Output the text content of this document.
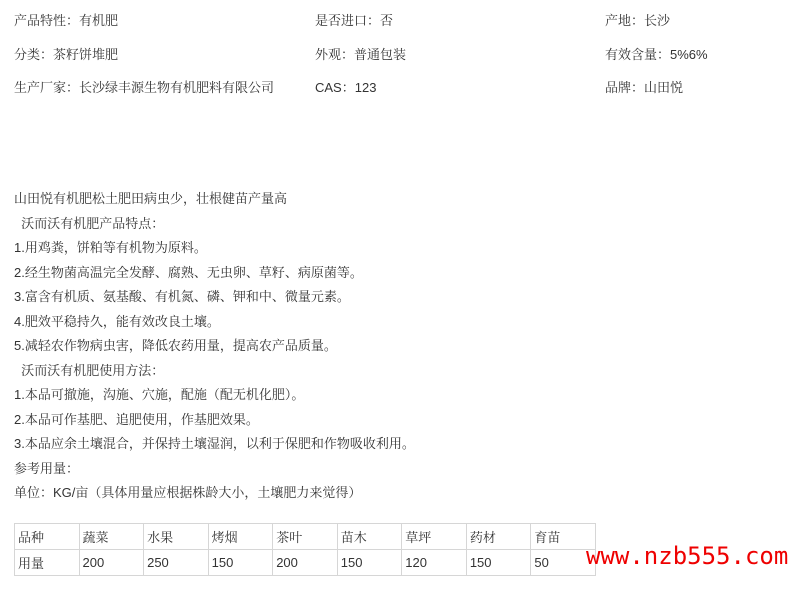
产品特性：有机肥	是否进口：否	产地：长沙
分类：茶籽饼堆肥	外观：普通包装	有效含量：5%6%
生产厂家：长沙绿丰源生物有机肥料有限公司	CAS：123	品牌：山田悦

山田悦有机肥松土肥田病虫少，壮根健苗产量高

沃而沃有机肥产品特点：

1.用鸡粪，饼粕等有机物为原料。

2.经生物菌高温完全发酵、腐熟、无虫卵、草籽、病原菌等。

3.富含有机质、氨基酸、有机氮、磷、钾和中、微量元素。

4.肥效平稳持久，能有效改良土壤。

5.减轻农作物病虫害，降低农药用量，提高农产品质量。

沃而沃有机肥使用方法：

1.本品可撤施，沟施、穴施，配施（配无机化肥）。

2.本品可作基肥、追肥使用，作基肥效果。

3.本品应余土壤混合，并保持土壤湿润，以利于保肥和作物吸收利用。

参考用量：

单位：KG/亩（具体用量应根据株龄大小，土壤肥力来觉得）

品种	蔬菜	水果	烤烟	茶叶	苗木	草坪	药材	育苗
用量	200	250	150	200	150	120	150	50 www.nzb555.com
